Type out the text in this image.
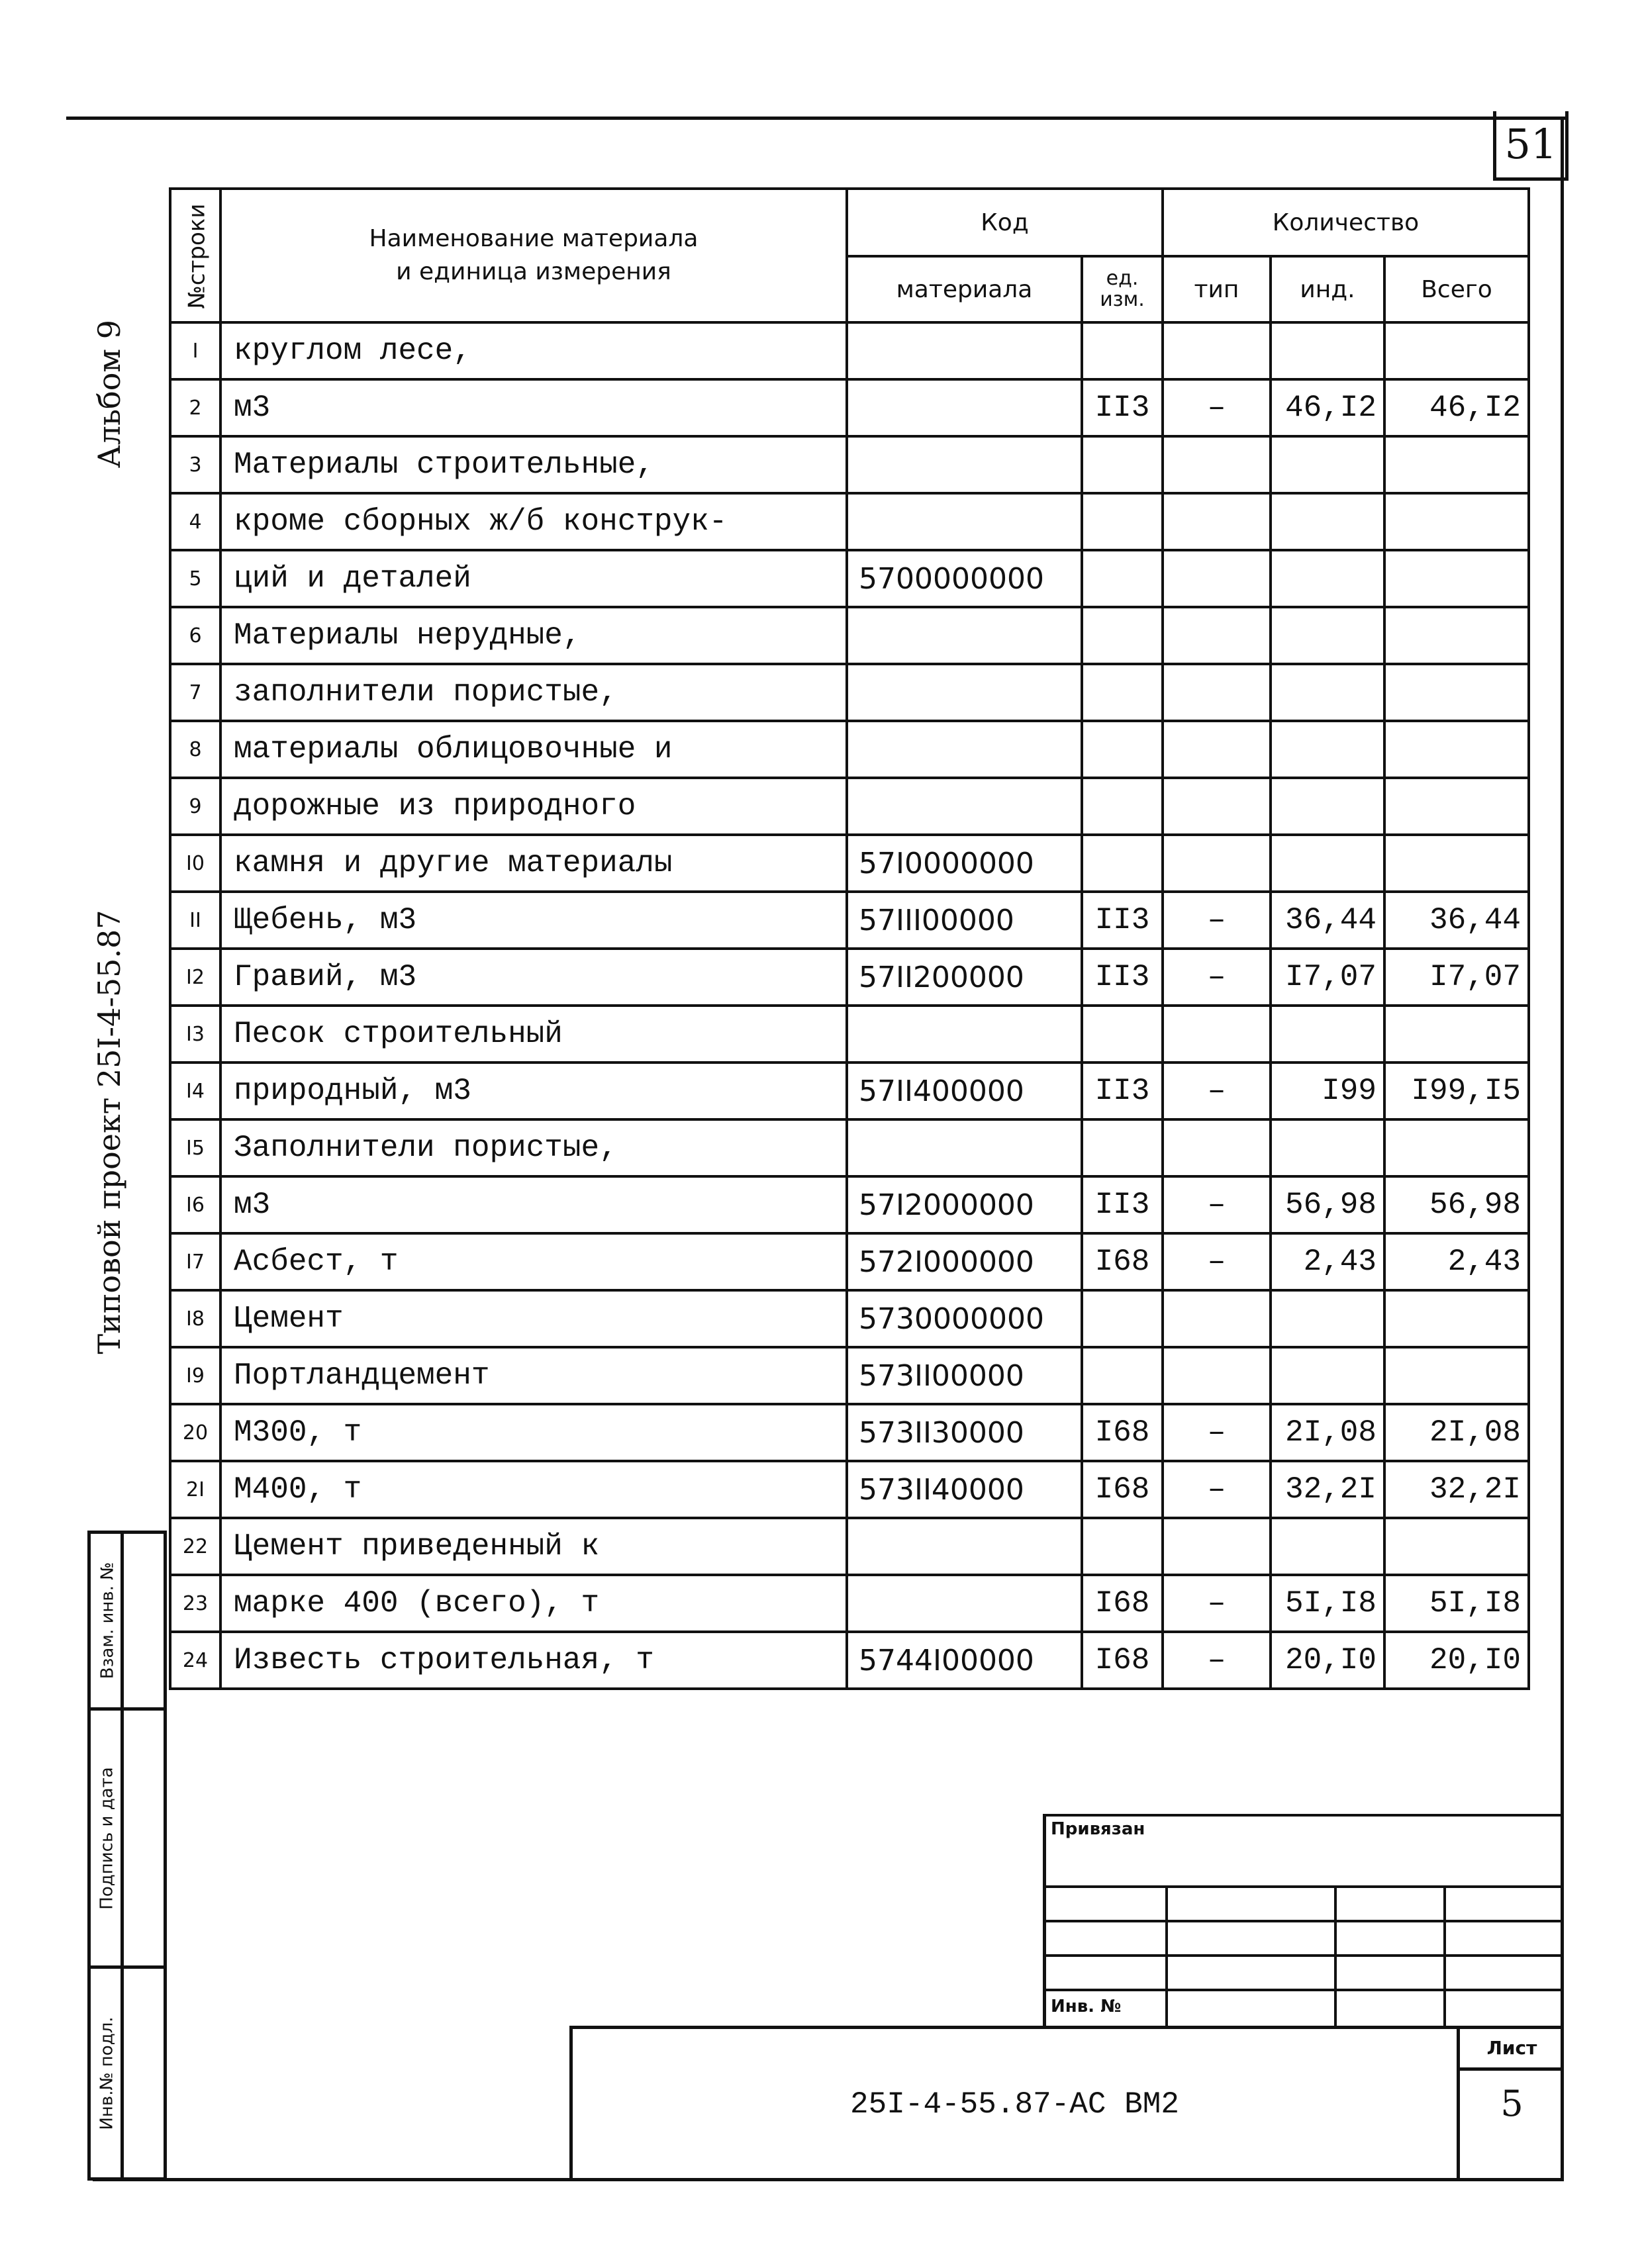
51
Альбом 9
Типовой проект 25I-4-55.87
Взам. инв. №
Подпись и дата
Инв.№ подл.
№строки	Наименование материала
и единица измерения	Код		Количество		
		материала	ед. изм.	тип	инд.	Всего
I	круглом лесе,					
2	м3		II3	–	46,I2	46,I2
3	Материалы строительные,					
4	кроме сборных ж/б конструк-					
5	ций и деталей	5700000000				
6	Материалы нерудные,					
7	заполнители пористые,					
8	материалы облицовочные и					
9	дорожные из природного					
I0	камня и другие материалы	57I0000000				
II	Щебень, м3	57III00000	II3	–	36,44	36,44
I2	Гравий, м3	57II200000	II3	–	I7,07	I7,07
I3	Песок строительный					
I4	природный, м3	57II400000	II3	–	I99	I99,I5
I5	Заполнители пористые,					
I6	м3	57I2000000	II3	–	56,98	56,98
I7	Асбест, т	572I000000	I68	–	2,43	2,43
I8	Цемент	5730000000				
I9	Портландцемент	573II00000				
20	М300, т	573II30000	I68	–	2I,08	2I,08
2I	М400, т	573II40000	I68	–	32,2I	32,2I
22	Цемент приведенный к					
23	марке 400 (всего), т		I68	–	5I,I8	5I,I8
24	Известь строительная, т	5744I00000	I68	–	20,I0	20,I0
Привязан
Инв. №
25I-4-55.87-АС ВМ2
Лист
5
